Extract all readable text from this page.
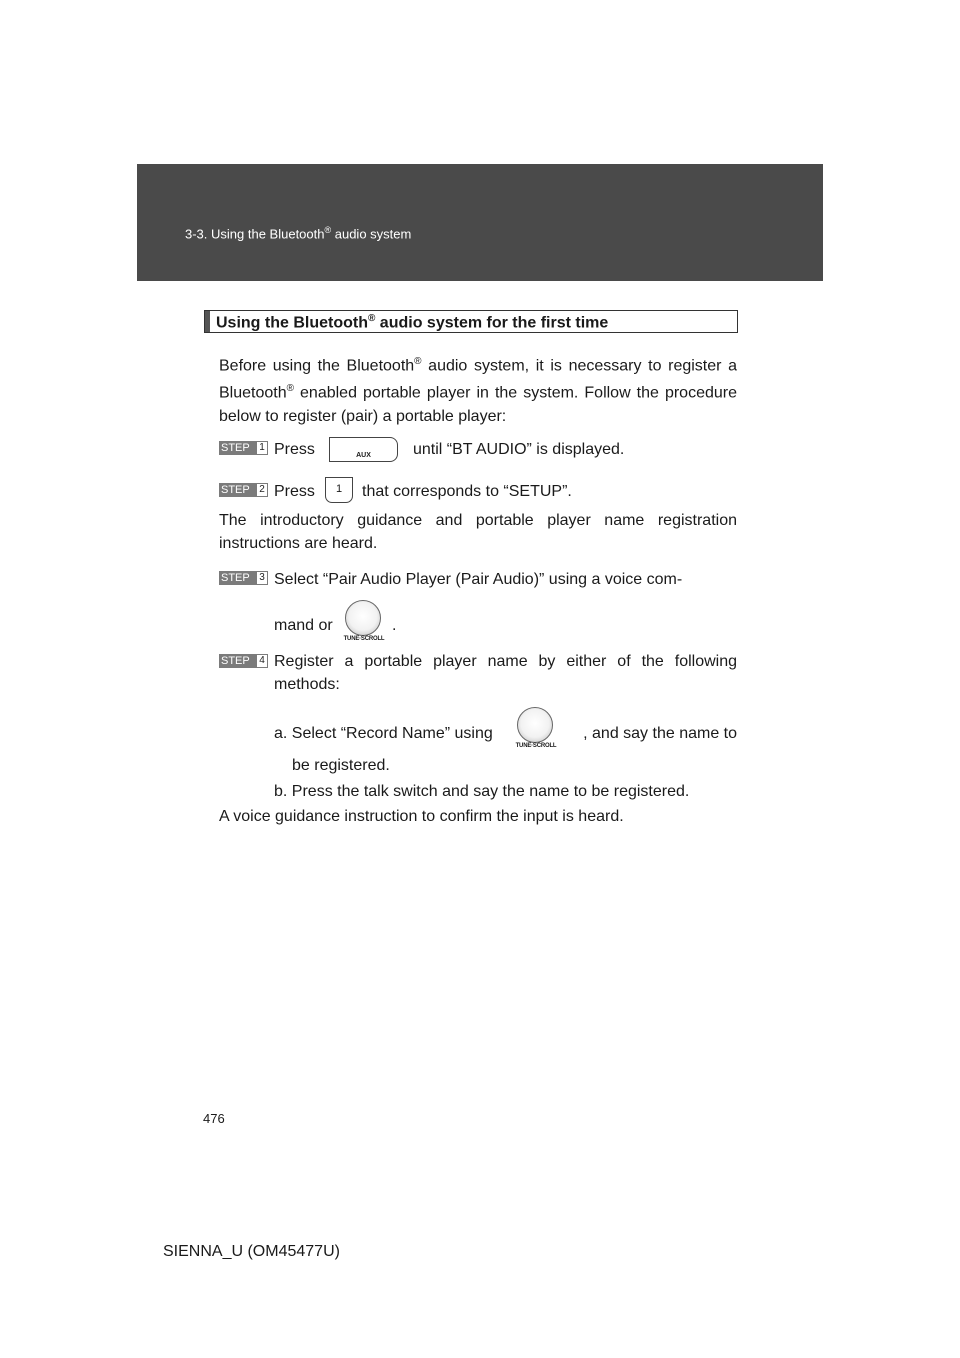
3-3. Using the Bluetooth® audio system
Using the Bluetooth® audio system for the first time
Before using the Bluetooth® audio system, it is necessary to register a Bluetooth® enabled portable player in the system. Follow the procedure below to register (pair) a portable player:
STEP 1 Press	AUX	until “BT AUDIO” is displayed.
STEP 2 Press	1	that corresponds to “SETUP”.
The introductory guidance and portable player name registration instructions are heard.
STEP 3 Select “Pair Audio Player (Pair Audio)” using a voice com-
mand or
TUNE·SCROLL
.
STEP 4 Register a portable player name by either of the following methods:
a. Select “Record Name” using
TUNE·SCROLL
, and say the name to
be registered.
b. Press the talk switch and say the name to be registered.
A voice guidance instruction to confirm the input is heard.
476
SIENNA_U (OM45477U)
